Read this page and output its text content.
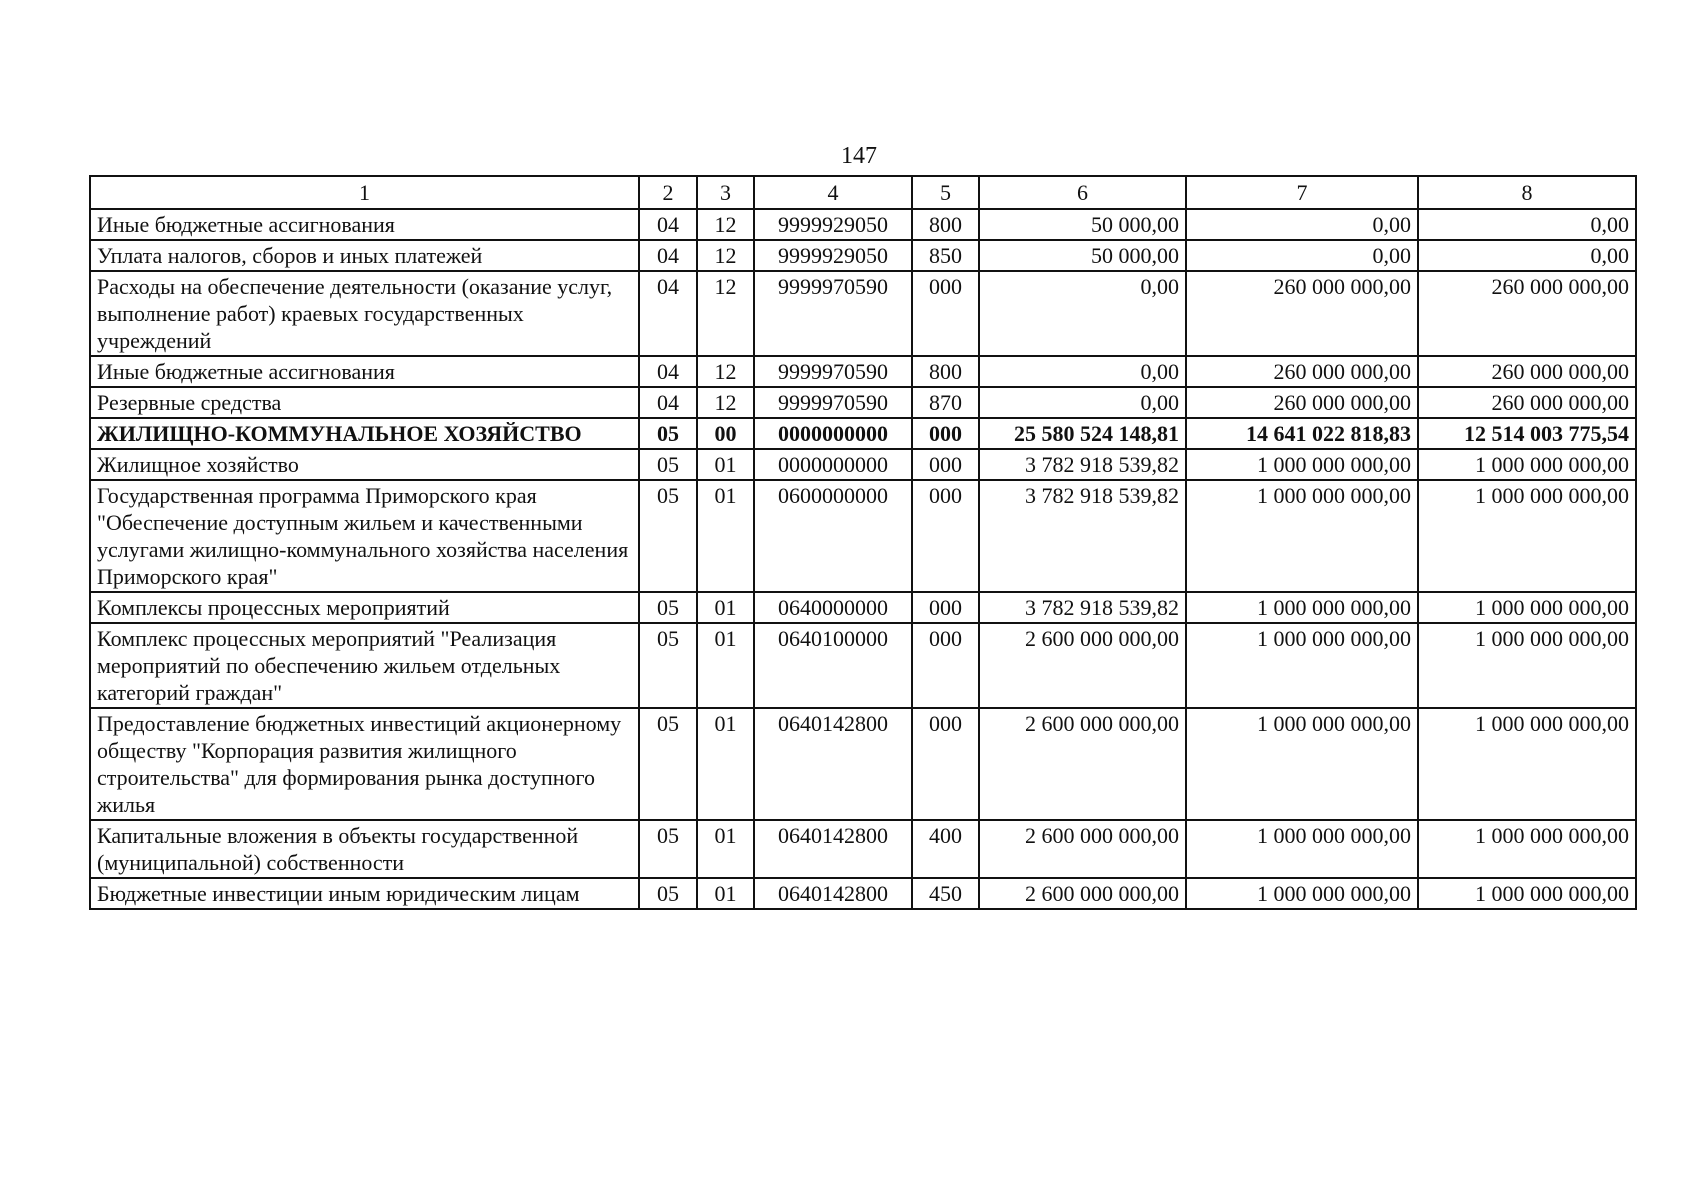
147
1	2	3	4	5	6	7	8
Иные бюджетные ассигнования	04	12	9999929050	800	50 000,00	0,00	0,00
Уплата налогов, сборов и иных платежей	04	12	9999929050	850	50 000,00	0,00	0,00
Расходы на обеспечение деятельности (оказание услуг, выполнение работ) краевых государственных учреждений	04	12	9999970590	000	0,00	260 000 000,00	260 000 000,00
Иные бюджетные ассигнования	04	12	9999970590	800	0,00	260 000 000,00	260 000 000,00
Резервные средства	04	12	9999970590	870	0,00	260 000 000,00	260 000 000,00
ЖИЛИЩНО-КОММУНАЛЬНОЕ ХОЗЯЙСТВО	05	00	0000000000	000	25 580 524 148,81	14 641 022 818,83	12 514 003 775,54
Жилищное хозяйство	05	01	0000000000	000	3 782 918 539,82	1 000 000 000,00	1 000 000 000,00
Государственная программа Приморского края "Обеспечение доступным жильем и качественными услугами жилищно-коммунального хозяйства населения Приморского края"	05	01	0600000000	000	3 782 918 539,82	1 000 000 000,00	1 000 000 000,00
Комплексы процессных мероприятий	05	01	0640000000	000	3 782 918 539,82	1 000 000 000,00	1 000 000 000,00
Комплекс процессных мероприятий "Реализация мероприятий по обеспечению жильем отдельных категорий граждан"	05	01	0640100000	000	2 600 000 000,00	1 000 000 000,00	1 000 000 000,00
Предоставление бюджетных инвестиций акционерному обществу "Корпорация развития жилищного строительства" для формирования рынка доступного жилья	05	01	0640142800	000	2 600 000 000,00	1 000 000 000,00	1 000 000 000,00
Капитальные вложения в объекты государственной (муниципальной) собственности	05	01	0640142800	400	2 600 000 000,00	1 000 000 000,00	1 000 000 000,00
Бюджетные инвестиции иным юридическим лицам	05	01	0640142800	450	2 600 000 000,00	1 000 000 000,00	1 000 000 000,00
